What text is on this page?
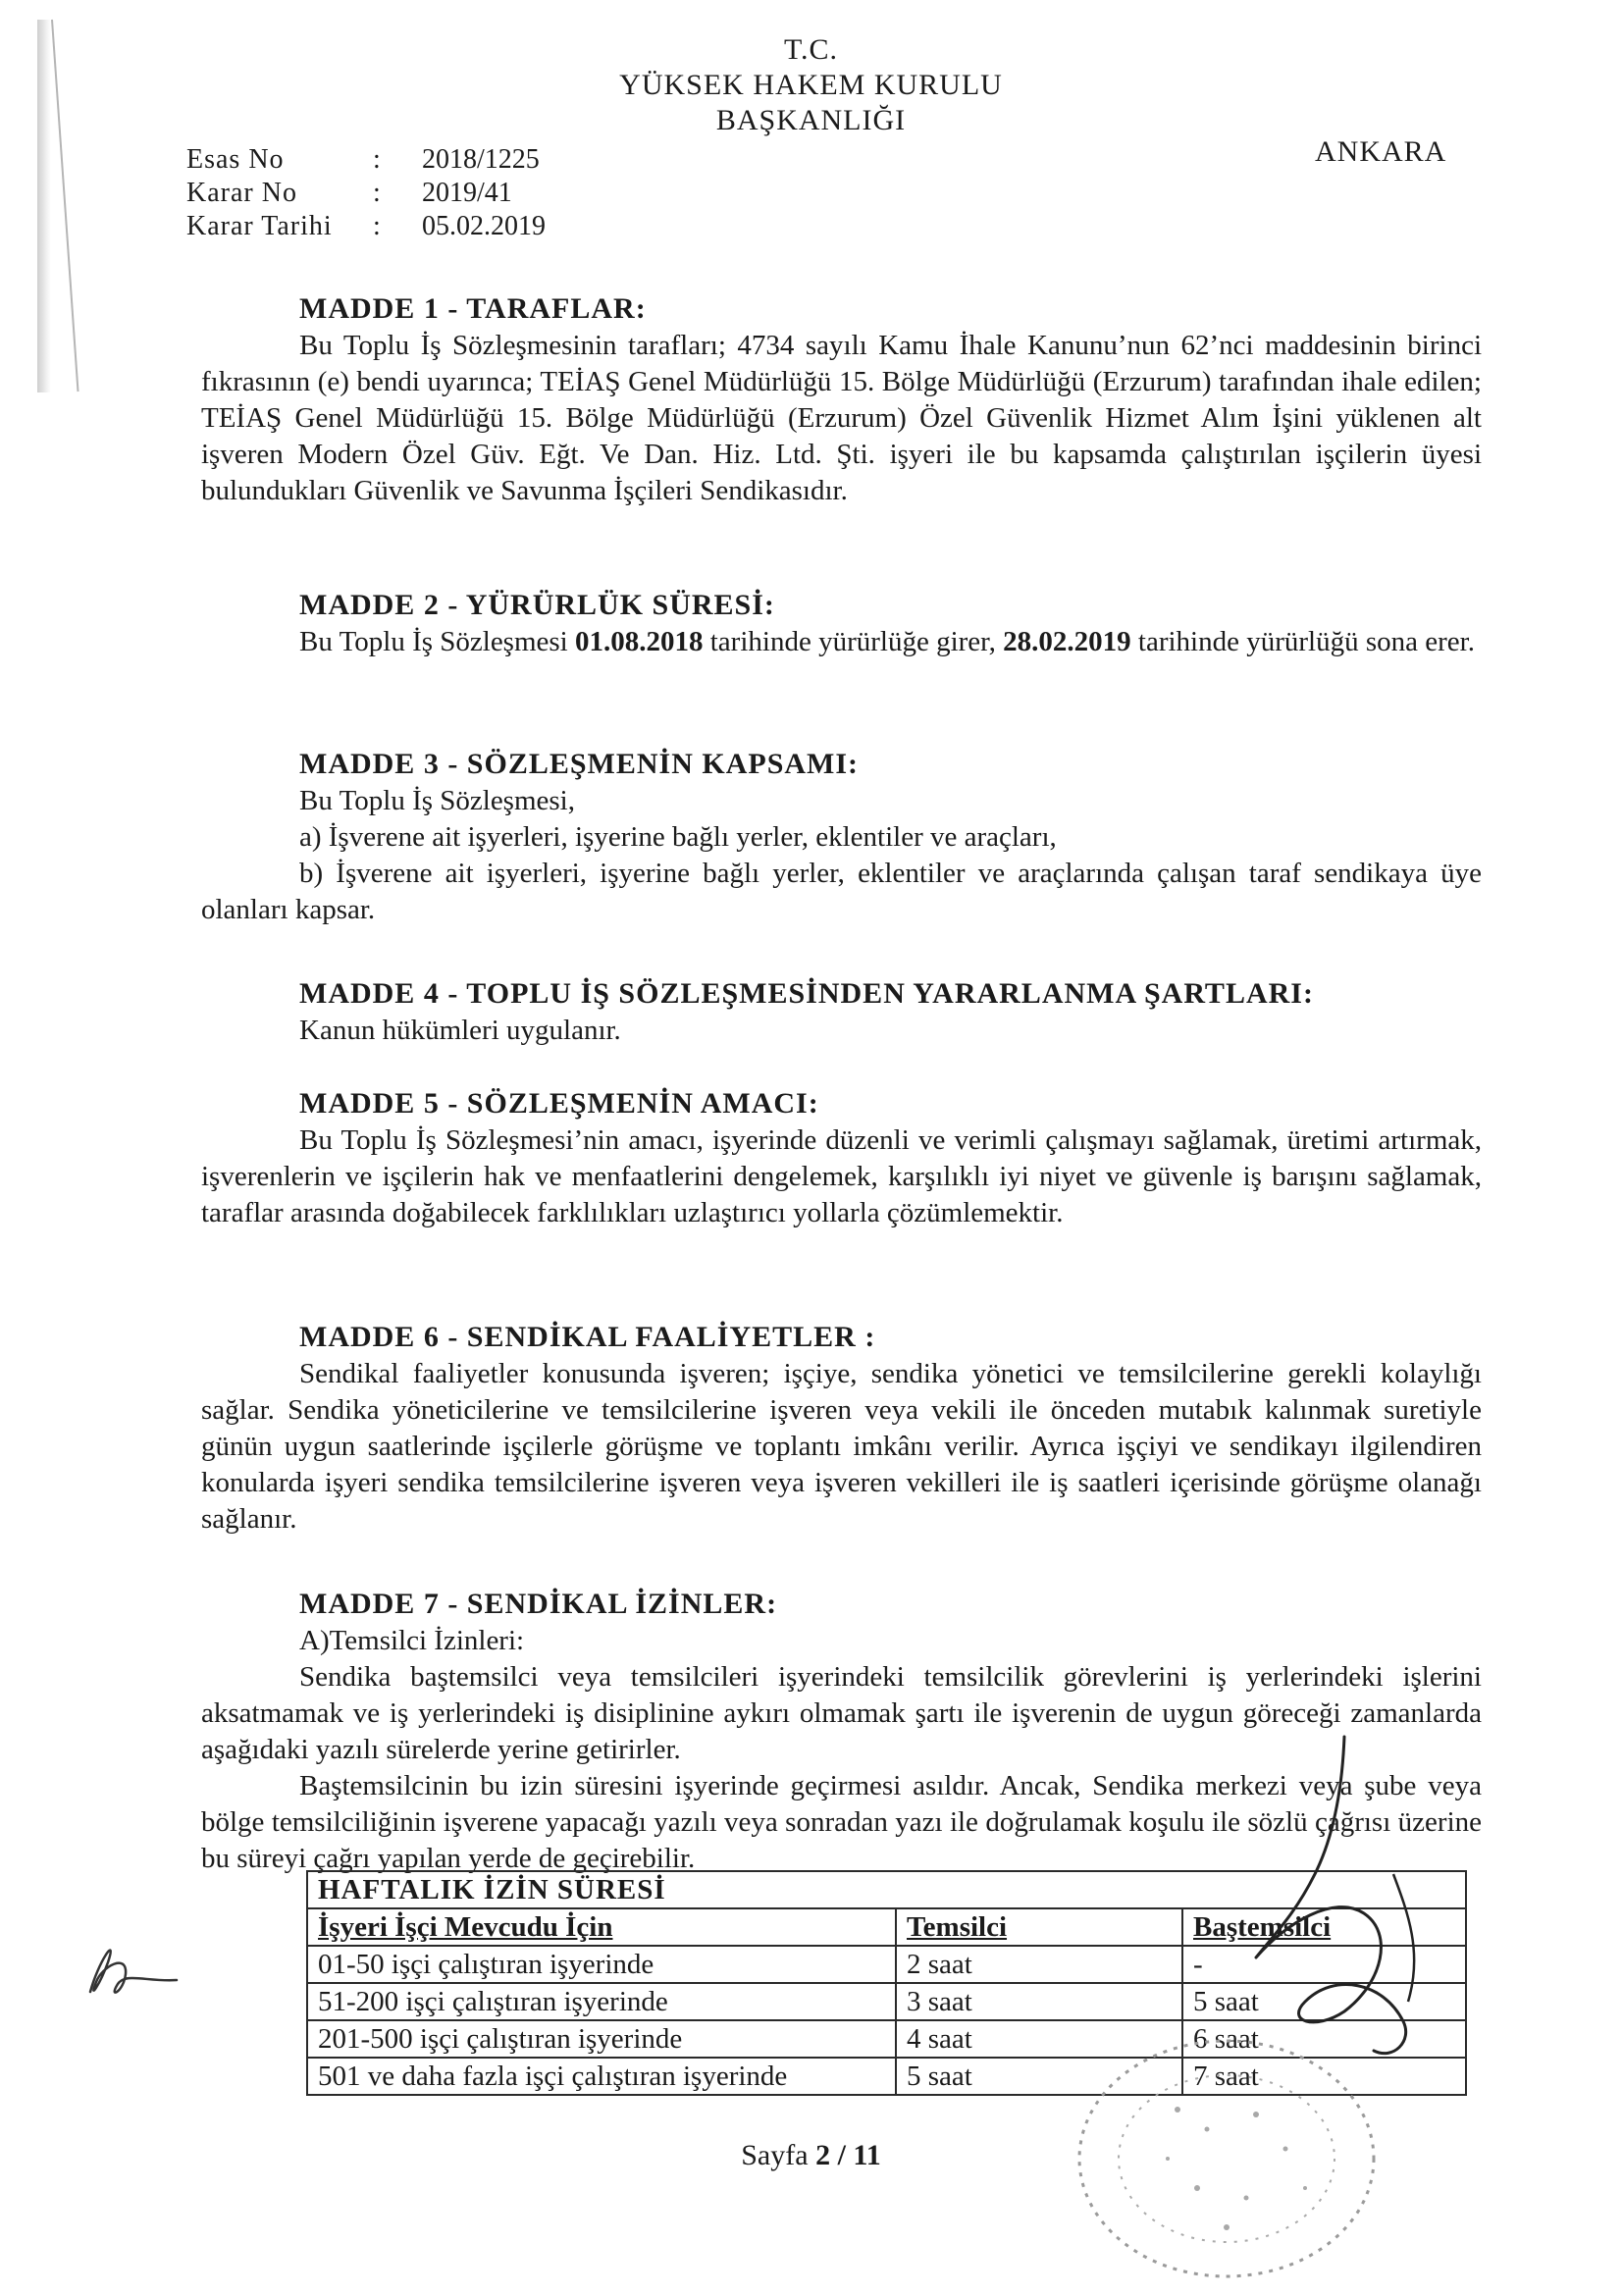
T.C.
YÜKSEK HAKEM KURULU
BAŞKANLIĞI
ANKARA
Esas No	:	2018/1225
Karar No	:	2019/41
Karar Tarihi	:	05.02.2019
MADDE 1 - TARAFLAR:

Bu Toplu İş Sözleşmesinin tarafları; 4734 sayılı Kamu İhale Kanunu’nun 62’nci maddesinin birinci fıkrasının (e) bendi uyarınca; TEİAŞ Genel Müdürlüğü 15. Bölge Müdürlüğü (Erzurum) tarafından ihale edilen; TEİAŞ Genel Müdürlüğü 15. Bölge Müdürlüğü (Erzurum) Özel Güvenlik Hizmet Alım İşini yüklenen alt işveren Modern Özel Güv. Eğt. Ve Dan. Hiz. Ltd. Şti. işyeri ile bu kapsamda çalıştırılan işçilerin üyesi bulundukları Güvenlik ve Savunma İşçileri Sendikasıdır.

MADDE 2 - YÜRÜRLÜK SÜRESİ:

Bu Toplu İş Sözleşmesi 01.08.2018 tarihinde yürürlüğe girer, 28.02.2019 tarihinde yürürlüğü sona erer.

MADDE 3 - SÖZLEŞMENİN KAPSAMI:

Bu Toplu İş Sözleşmesi,

a) İşverene ait işyerleri, işyerine bağlı yerler, eklentiler ve araçları,

b) İşverene ait işyerleri, işyerine bağlı yerler, eklentiler ve araçlarında çalışan taraf sendikaya üye olanları kapsar.

MADDE 4 - TOPLU İŞ SÖZLEŞMESİNDEN YARARLANMA ŞARTLARI:

Kanun hükümleri uygulanır.

MADDE 5 - SÖZLEŞMENİN AMACI:

Bu Toplu İş Sözleşmesi’nin amacı, işyerinde düzenli ve verimli çalışmayı sağlamak, üretimi artırmak, işverenlerin ve işçilerin hak ve menfaatlerini dengelemek, karşılıklı iyi niyet ve güvenle iş barışını sağlamak, taraflar arasında doğabilecek farklılıkları uzlaştırıcı yollarla çözümlemektir.

MADDE 6 - SENDİKAL FAALİYETLER :

Sendikal faaliyetler konusunda işveren; işçiye, sendika yönetici ve temsilcilerine gerekli kolaylığı sağlar. Sendika yöneticilerine ve temsilcilerine işveren veya vekili ile önceden mutabık kalınmak suretiyle günün uygun saatlerinde işçilerle görüşme ve toplantı imkânı verilir. Ayrıca işçiyi ve sendikayı ilgilendiren konularda işyeri sendika temsilcilerine işveren veya işveren vekilleri ile iş saatleri içerisinde görüşme olanağı sağlanır.

MADDE 7 - SENDİKAL İZİNLER:

A)Temsilci İzinleri:

Sendika baştemsilci veya temsilcileri işyerindeki temsilcilik görevlerini iş yerlerindeki işlerini aksatmamak ve iş yerlerindeki iş disiplinine aykırı olmamak şartı ile işverenin de uygun göreceği zamanlarda aşağıdaki yazılı sürelerde yerine getirirler.

Baştemsilcinin bu izin süresini işyerinde geçirmesi asıldır. Ancak, Sendika merkezi veya şube veya bölge temsilciliğinin işverene yapacağı yazılı veya sonradan yazı ile doğrulamak koşulu ile sözlü çağrısı üzerine bu süreyi çağrı yapılan yerde de geçirebilir.

HAFTALIK İZİN SÜRESİ		
İşyeri İşçi Mevcudu İçin	Temsilci	Baştemsilci
01-50 işçi çalıştıran işyerinde	2 saat	-
51-200 işçi çalıştıran işyerinde	3 saat	5 saat
201-500 işçi çalıştıran işyerinde	4 saat	6 saat
501 ve daha fazla işçi çalıştıran işyerinde	5 saat	7 saat
Sayfa 2 / 11
